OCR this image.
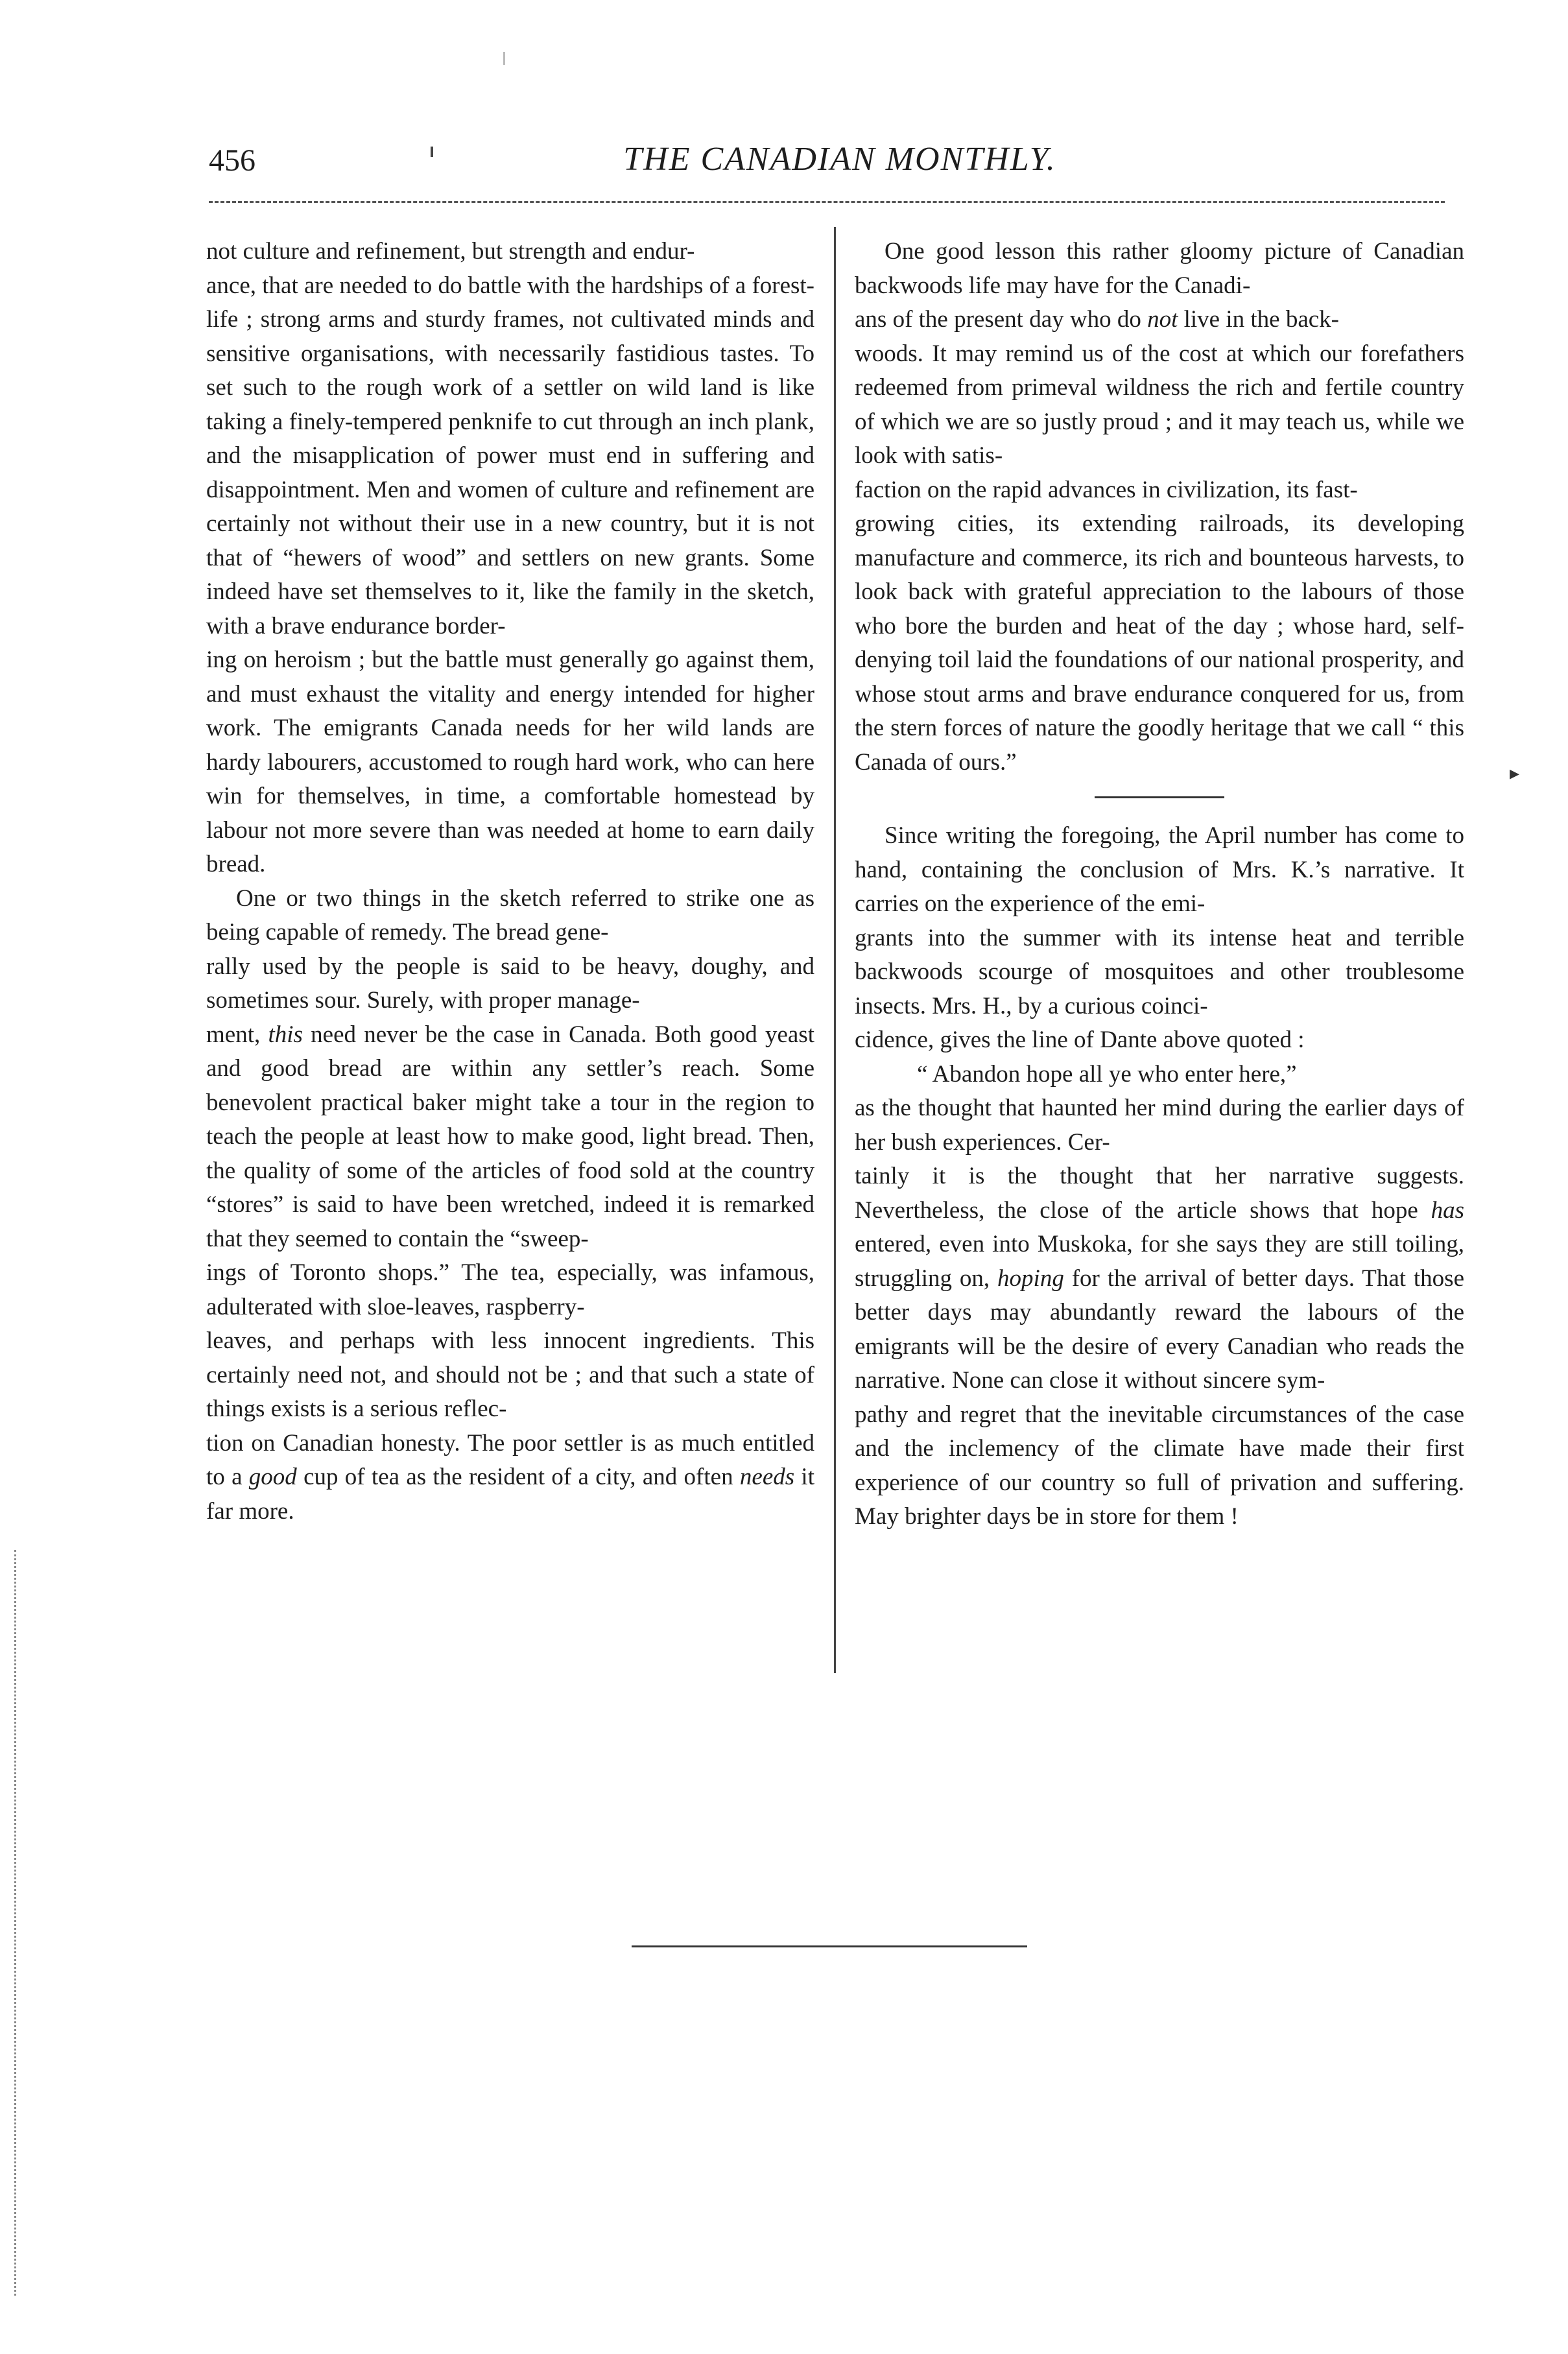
456	THE CANADIAN MONTHLY.

not culture and refinement, but strength and endur-
ance, that are needed to do battle with the hardships of a forest-life ; strong arms and sturdy frames, not cultivated minds and sensitive organisations, with necessarily fastidious tastes. To set such to the rough work of a settler on wild land is like taking a finely-tempered penknife to cut through an inch plank, and the misapplication of power must end in suffering and disappointment. Men and women of culture and refinement are certainly not without their use in a new country, but it is not that of “hewers of wood” and settlers on new grants. Some indeed have set themselves to it, like the family in the sketch, with a brave endurance border-
ing on heroism ; but the battle must generally go against them, and must exhaust the vitality and energy intended for higher work. The emigrants Canada needs for her wild lands are hardy labourers, accustomed to rough hard work, who can here win for themselves, in time, a comfortable homestead by labour not more severe than was needed at home to earn daily bread.

One or two things in the sketch referred to strike one as being capable of remedy. The bread gene-
rally used by the people is said to be heavy, doughy, and sometimes sour. Surely, with proper manage-
ment, this need never be the case in Canada. Both good yeast and good bread are within any settler’s reach. Some benevolent practical baker might take a tour in the region to teach the people at least how to make good, light bread. Then, the quality of some of the articles of food sold at the country “stores” is said to have been wretched, indeed it is remarked that they seemed to contain the “sweep-
ings of Toronto shops.” The tea, especially, was infamous, adulterated with sloe-leaves, raspberry-
leaves, and perhaps with less innocent ingredients. This certainly need not, and should not be ; and that such a state of things exists is a serious reflec-
tion on Canadian honesty. The poor settler is as much entitled to a good cup of tea as the resident of a city, and often needs it far more.

One good lesson this rather gloomy picture of Canadian backwoods life may have for the Canadi-
ans of the present day who do not live in the back-
woods. It may remind us of the cost at which our forefathers redeemed from primeval wildness the rich and fertile country of which we are so justly proud ; and it may teach us, while we look with satis-
faction on the rapid advances in civilization, its fast-
growing cities, its extending railroads, its developing manufacture and commerce, its rich and bounteous harvests, to look back with grateful appreciation to the labours of those who bore the burden and heat of the day ; whose hard, self-denying toil laid the foundations of our national prosperity, and whose stout arms and brave endurance conquered for us, from the stern forces of nature the goodly heritage that we call “ this Canada of ours.”

Since writing the foregoing, the April number has come to hand, containing the conclusion of Mrs. K.’s narrative. It carries on the experience of the emi-
grants into the summer with its intense heat and terrible backwoods scourge of mosquitoes and other troublesome insects. Mrs. H., by a curious coinci-
cidence, gives the line of Dante above quoted :

“ Abandon hope all ye who enter here,”

as the thought that haunted her mind during the earlier days of her bush experiences. Cer-
tainly it is the thought that her narrative suggests. Nevertheless, the close of the article shows that hope has entered, even into Muskoka, for she says they are still toiling, struggling on, hoping for the arrival of better days. That those better days may abundantly reward the labours of the emigrants will be the desire of every Canadian who reads the narrative. None can close it without sincere sym-
pathy and regret that the inevitable circumstances of the case and the inclemency of the climate have made their first experience of our country so full of privation and suffering. May brighter days be in store for them !

▸
